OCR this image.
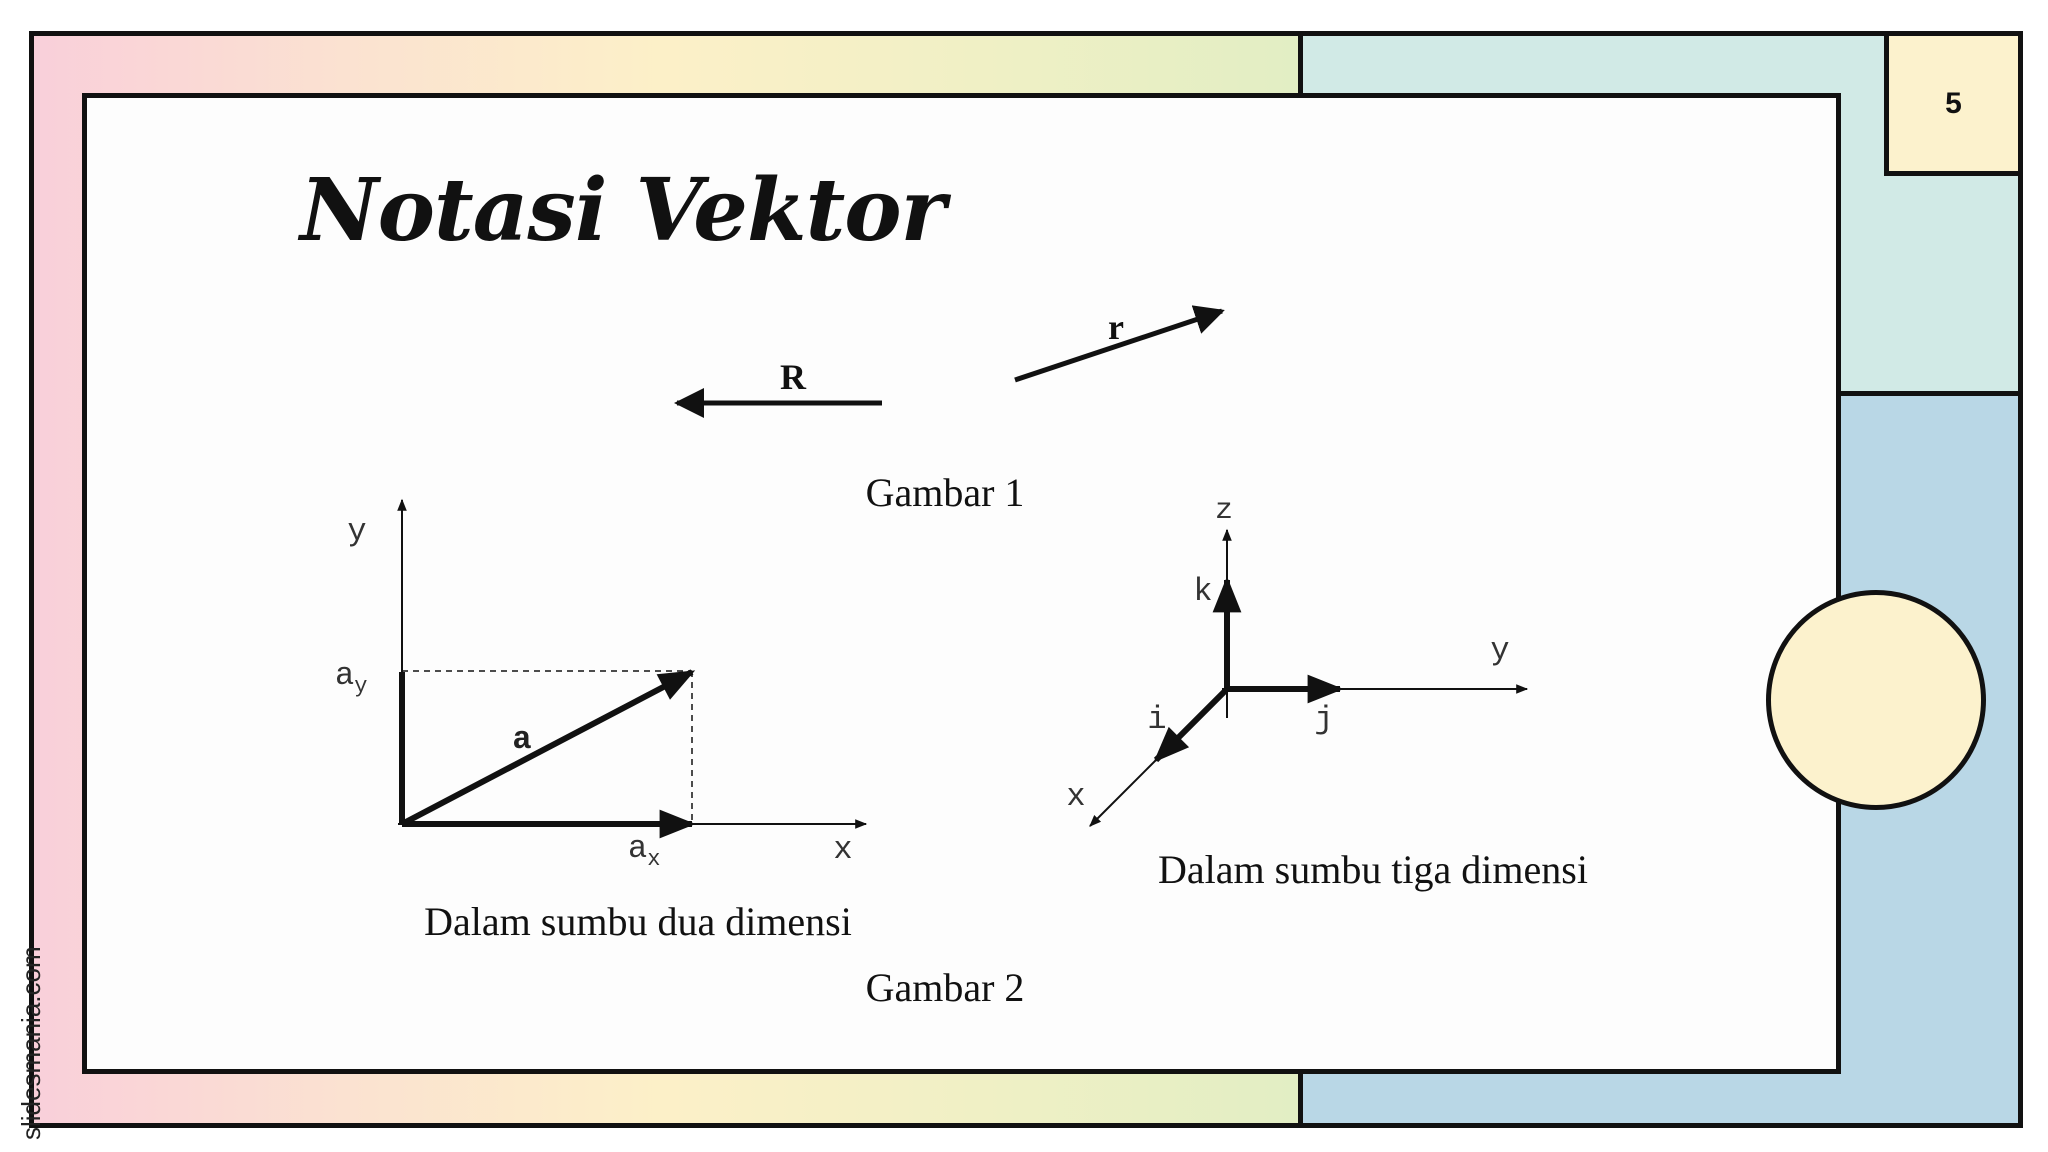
5
slidesmania.com
Notasi Vektor
R
r
y
x
$a_y$
$a_x$
a
z
y
x
k
i	j
Gambar 1
Dalam sumbu dua dimensi
Dalam sumbu tiga dimensi
Gambar 2
